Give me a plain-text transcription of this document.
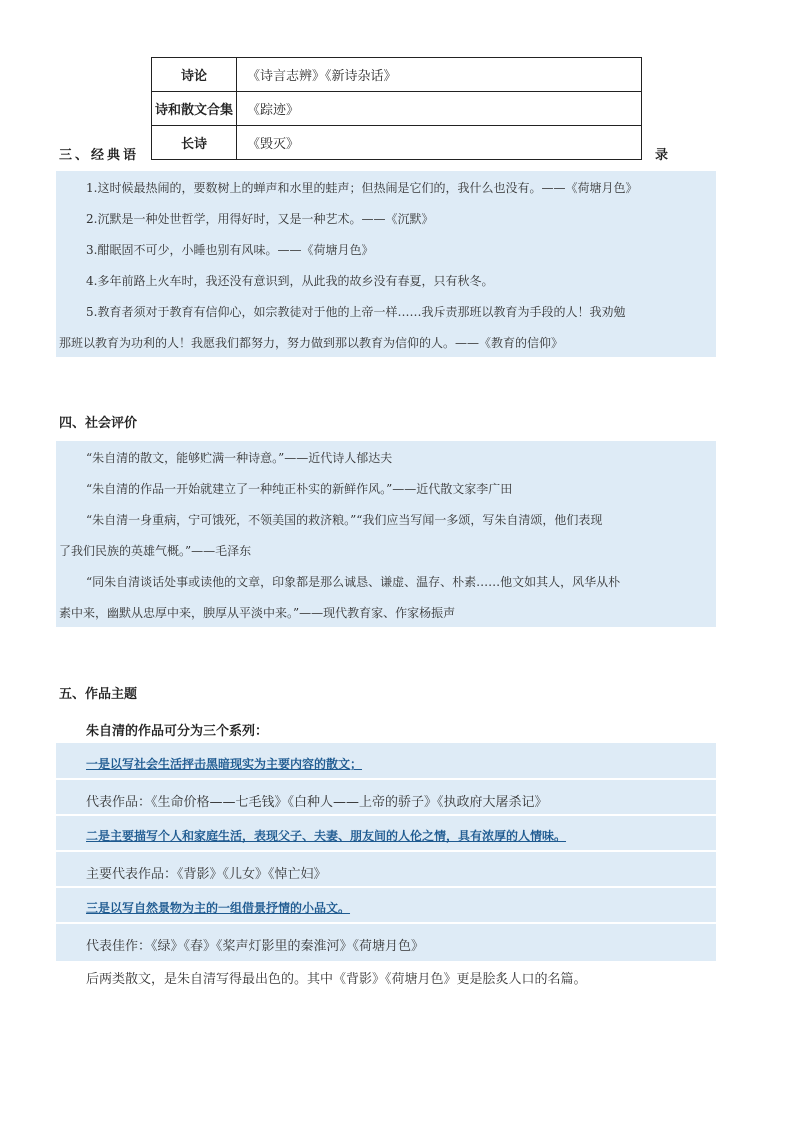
三、经典语	录
诗论	《诗言志辨》《新诗杂话》
诗和散文合集	《踪迹》
长诗	《毁灭》
1.这时候最热闹的，要数树上的蝉声和水里的蛙声；但热闹是它们的，我什么也没有。——《荷塘月色》
2.沉默是一种处世哲学，用得好时，又是一种艺术。——《沉默》
3.酣眠固不可少，小睡也别有风味。——《荷塘月色》
4.多年前路上火车时，我还没有意识到，从此我的故乡没有春夏，只有秋冬。
5.教育者须对于教育有信仰心，如宗教徒对于他的上帝一样……我斥责那班以教育为手段的人！我劝勉
那班以教育为功利的人！我愿我们都努力，努力做到那以教育为信仰的人。——《教育的信仰》
四、社会评价
“朱自清的散文，能够贮满一种诗意。”——近代诗人郁达夫
“朱自清的作品一开始就建立了一种纯正朴实的新鲜作风。”——近代散文家李广田
“朱自清一身重病，宁可饿死，不领美国的救济粮。”“我们应当写闻一多颂，写朱自清颂，他们表现
了我们民族的英雄气概。”——毛泽东
“同朱自清谈话处事或读他的文章，印象都是那么诚恳、谦虚、温存、朴素……他文如其人，风华从朴
素中来，幽默从忠厚中来，腴厚从平淡中来。”——现代教育家、作家杨振声
五、作品主题
朱自清的作品可分为三个系列：
一是以写社会生活抨击黑暗现实为主要内容的散文；
代表作品：《生命价格——七毛钱》《白种人——上帝的骄子》《执政府大屠杀记》
二是主要描写个人和家庭生活，表现父子、夫妻、朋友间的人伦之情，具有浓厚的人情味。
主要代表作品：《背影》《儿女》《悼亡妇》
三是以写自然景物为主的一组借景抒情的小品文。
代表佳作：《绿》《春》《桨声灯影里的秦淮河》《荷塘月色》
后两类散文，是朱自清写得最出色的。其中《背影》《荷塘月色》更是脍炙人口的名篇。
